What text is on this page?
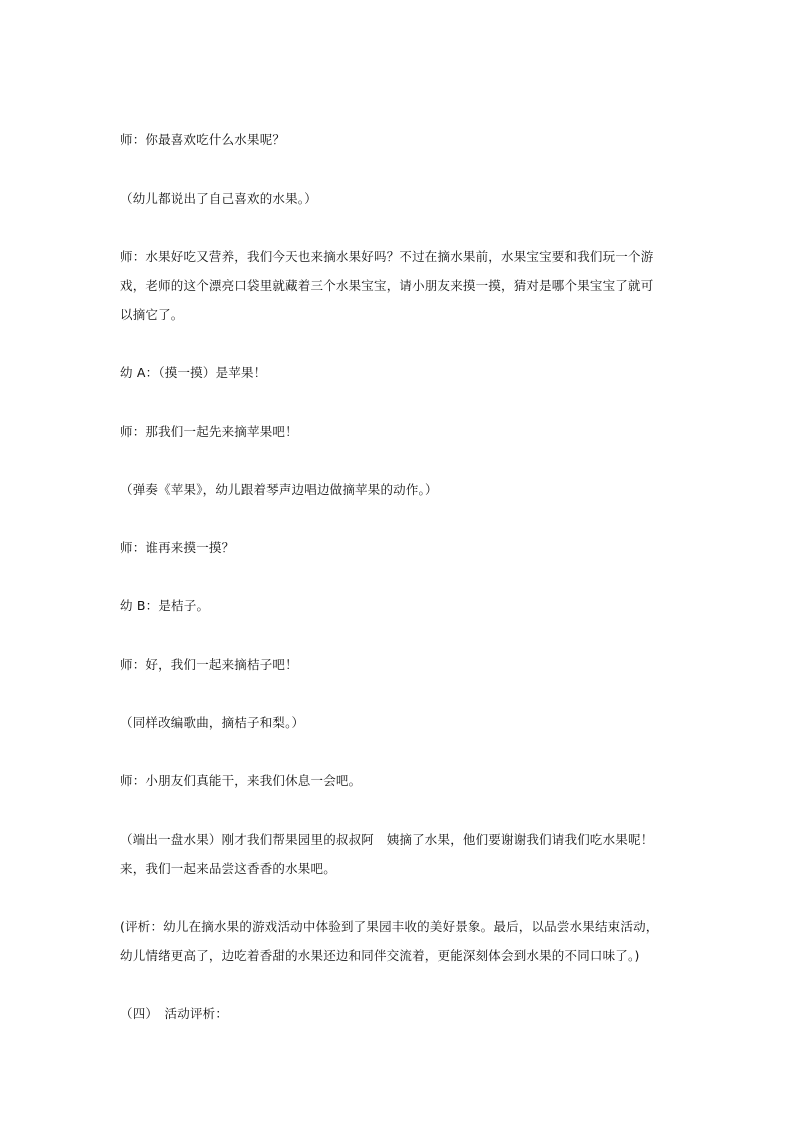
师：你最喜欢吃什么水果呢？

（幼儿都说出了自己喜欢的水果。）

师：水果好吃又营养，我们今天也来摘水果好吗？不过在摘水果前，水果宝宝要和我们玩一个游
戏，老师的这个漂亮口袋里就藏着三个水果宝宝，请小朋友来摸一摸，猜对是哪个果宝宝了就可
以摘它了。

幼 A：（摸一摸）是苹果！

师：那我们一起先来摘苹果吧！

（弹奏《苹果》，幼儿跟着琴声边唱边做摘苹果的动作。）

师：谁再来摸一摸？

幼 B：是桔子。

师：好，我们一起来摘桔子吧！

（同样改编歌曲，摘桔子和梨。）

师：小朋友们真能干，来我们休息一会吧。

（端出一盘水果）刚才我们帮果园里的叔叔阿　姨摘了水果，他们要谢谢我们请我们吃水果呢！
来，我们一起来品尝这香香的水果吧。

(评析：幼儿在摘水果的游戏活动中体验到了果园丰收的美好景象。最后，以品尝水果结束活动，
幼儿情绪更高了，边吃着香甜的水果还边和同伴交流着，更能深刻体会到水果的不同口味了。)

（四）　活动评析：
